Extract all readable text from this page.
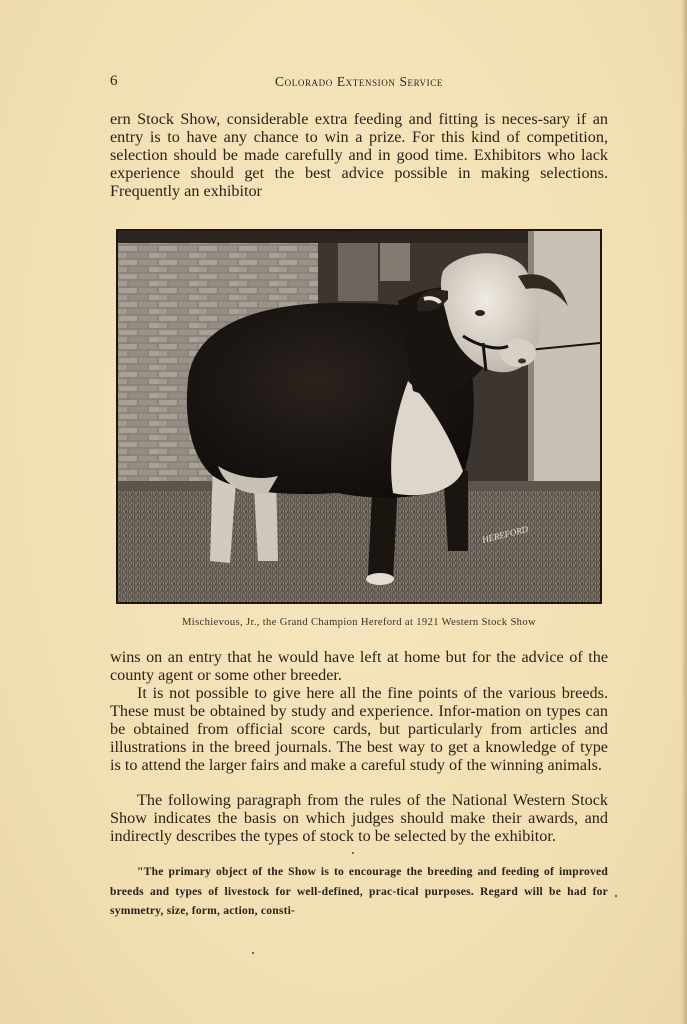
6	Colorado Extension Service

ern Stock Show, considerable extra feeding and fitting is neces-sary if an entry is to have any chance to win a prize. For this kind of competition, selection should be made carefully and in good time. Exhibitors who lack experience should get the best advice possible in making selections. Frequently an exhibitor

HEREFORD
Mischievous, Jr., the Grand Champion Hereford at 1921 Western Stock Show

wins on an entry that he would have left at home but for the advice of the county agent or some other breeder.

It is not possible to give here all the fine points of the various breeds. These must be obtained by study and experience. Infor-mation on types can be obtained from official score cards, but particularly from articles and illustrations in the breed journals. The best way to get a knowledge of type is to attend the larger fairs and make a careful study of the winning animals.

The following paragraph from the rules of the National Western Stock Show indicates the basis on which judges should make their awards, and indirectly describes the types of stock to be selected by the exhibitor.

"The primary object of the Show is to encourage the breeding and feeding of improved breeds and types of livestock for well-defined, prac-tical purposes. Regard will be had for symmetry, size, form, action, consti-
